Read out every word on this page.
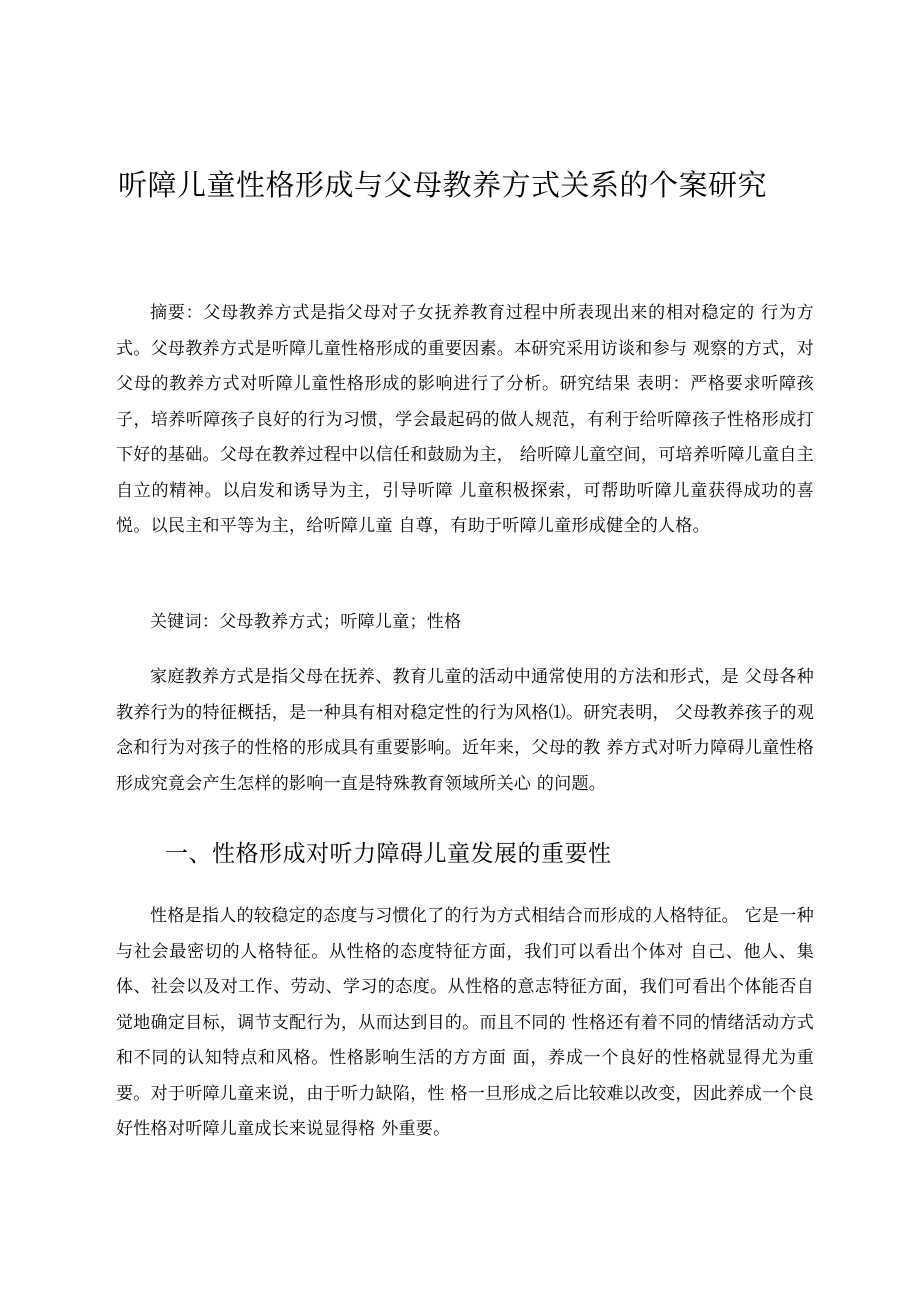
听障儿童性格形成与父母教养方式关系的个案研究
摘要：父母教养方式是指父母对子女抚养教育过程中所表现出来的相对稳定的 行为方式。父母教养方式是听障儿童性格形成的重要因素。本研究采用访谈和参与 观察的方式，对父母的教养方式对听障儿童性格形成的影响进行了分析。研究结果 表明：严格要求听障孩子，培养听障孩子良好的行为习惯，学会最起码的做人规范，有利于给听障孩子性格形成打下好的基础。父母在教养过程中以信任和鼓励为主， 给听障儿童空间，可培养听障儿童自主自立的精神。以启发和诱导为主，引导听障 儿童积极探索，可帮助听障儿童获得成功的喜悦。以民主和平等为主，给听障儿童 自尊，有助于听障儿童形成健全的人格。
关键词：父母教养方式；听障儿童；性格
家庭教养方式是指父母在抚养、教育儿童的活动中通常使用的方法和形式，是 父母各种教养行为的特征概括，是一种具有相对稳定性的行为风格⑴。研究表明， 父母教养孩子的观念和行为对孩子的性格的形成具有重要影响。近年来，父母的教 养方式对听力障碍儿童性格形成究竟会产生怎样的影响一直是特殊教育领域所关心 的问题。
一、性格形成对听力障碍儿童发展的重要性
性格是指人的较稳定的态度与习惯化了的行为方式相结合而形成的人格特征。 它是一种与社会最密切的人格特征。从性格的态度特征方面，我们可以看出个体对 自己、他人、集体、社会以及对工作、劳动、学习的态度。从性格的意志特征方面，我们可看出个体能否自觉地确定目标，调节支配行为，从而达到目的。而且不同的 性格还有着不同的情绪活动方式和不同的认知特点和风格。性格影响生活的方方面 面，养成一个良好的性格就显得尤为重要。对于听障儿童来说，由于听力缺陷，性 格一旦形成之后比较难以改变，因此养成一个良好性格对听障儿童成长来说显得格 外重要。
